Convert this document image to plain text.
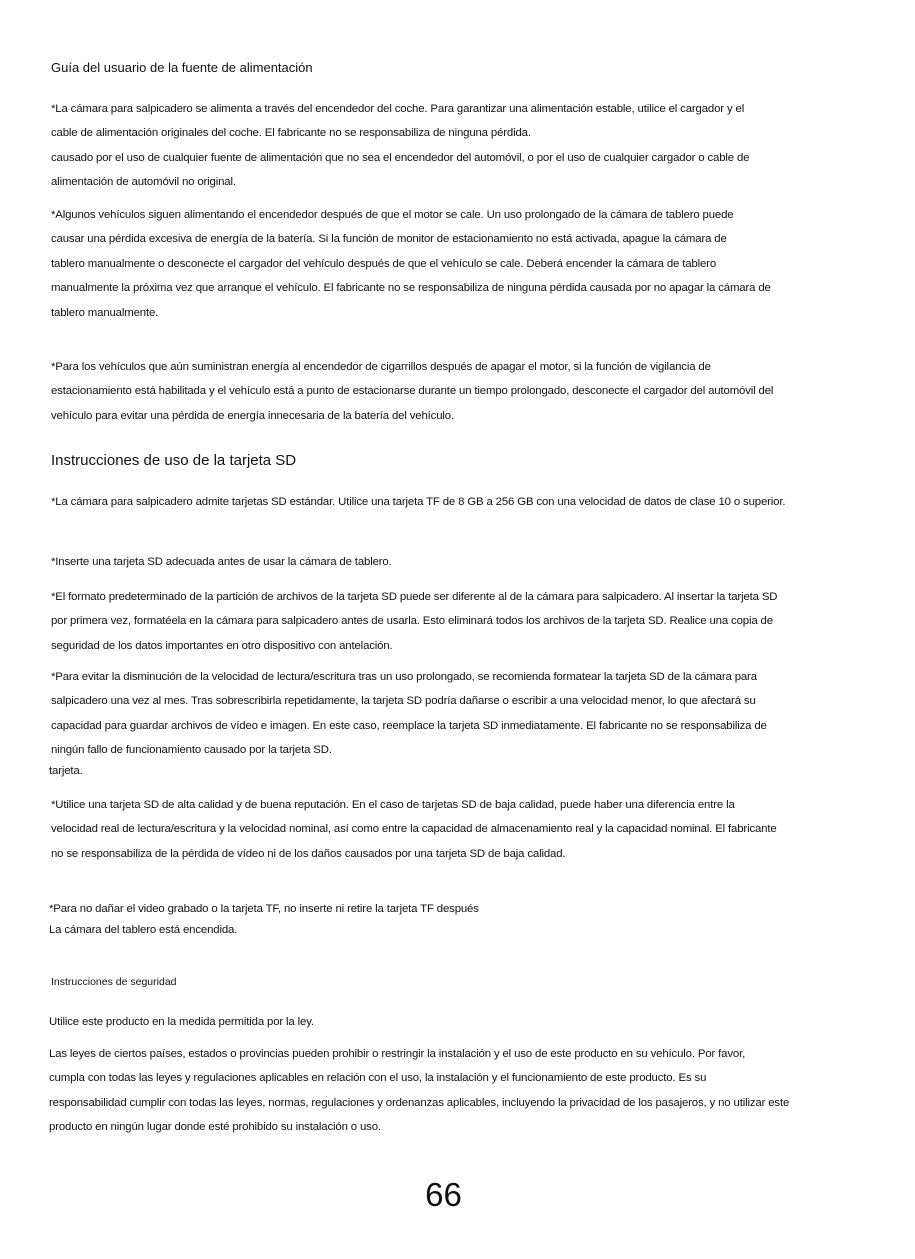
Guía del usuario de la fuente de alimentación

*La cámara para salpicadero se alimenta a través del encendedor del coche. Para garantizar una alimentación estable, utilice el cargador y el
cable de alimentación originales del coche. El fabricante no se responsabiliza de ninguna pérdida.
causado por el uso de cualquier fuente de alimentación que no sea el encendedor del automóvil, o por el uso de cualquier cargador o cable de
alimentación de automóvil no original.

*Algunos vehículos siguen alimentando el encendedor después de que el motor se cale. Un uso prolongado de la cámara de tablero puede
causar una pérdida excesiva de energía de la batería. Si la función de monitor de estacionamiento no está activada, apague la cámara de
tablero manualmente o desconecte el cargador del vehículo después de que el vehículo se cale. Deberá encender la cámara de tablero
manualmente la próxima vez que arranque el vehículo. El fabricante no se responsabiliza de ninguna pérdida causada por no apagar la cámara de
tablero manualmente.

*Para los vehículos que aún suministran energía al encendedor de cigarrillos después de apagar el motor, si la función de vigilancia de
estacionamiento está habilitada y el vehículo está a punto de estacionarse durante un tiempo prolongado, desconecte el cargador del automóvil del
vehículo para evitar una pérdida de energía innecesaria de la batería del vehículo.

Instrucciones de uso de la tarjeta SD

*La cámara para salpicadero admite tarjetas SD estándar. Utilice una tarjeta TF de 8 GB a 256 GB con una velocidad de datos de clase 10 o superior.

*Inserte una tarjeta SD adecuada antes de usar la cámara de tablero.

*El formato predeterminado de la partición de archivos de la tarjeta SD puede ser diferente al de la cámara para salpicadero. Al insertar la tarjeta SD
por primera vez, formatéela en la cámara para salpicadero antes de usarla. Esto eliminará todos los archivos de la tarjeta SD. Realice una copia de
seguridad de los datos importantes en otro dispositivo con antelación.

*Para evitar la disminución de la velocidad de lectura/escritura tras un uso prolongado, se recomienda formatear la tarjeta SD de la cámara para
salpicadero una vez al mes. Tras sobrescribirla repetidamente, la tarjeta SD podría dañarse o escribir a una velocidad menor, lo que afectará su
capacidad para guardar archivos de vídeo e imagen. En este caso, reemplace la tarjeta SD inmediatamente. El fabricante no se responsabiliza de
ningún fallo de funcionamiento causado por la tarjeta SD.

tarjeta.

*Utilice una tarjeta SD de alta calidad y de buena reputación. En el caso de tarjetas SD de baja calidad, puede haber una diferencia entre la
velocidad real de lectura/escritura y la velocidad nominal, así como entre la capacidad de almacenamiento real y la capacidad nominal. El fabricante
no se responsabiliza de la pérdida de vídeo ni de los daños causados por una tarjeta SD de baja calidad.

*Para no dañar el video grabado o la tarjeta TF, no inserte ni retire la tarjeta TF después

La cámara del tablero está encendida.

Instrucciones de seguridad

Utilice este producto en la medida permitida por la ley.

Las leyes de ciertos países, estados o provincias pueden prohibir o restringir la instalación y el uso de este producto en su vehículo. Por favor,
cumpla con todas las leyes y regulaciones aplicables en relación con el uso, la instalación y el funcionamiento de este producto. Es su
responsabilidad cumplir con todas las leyes, normas, regulaciones y ordenanzas aplicables, incluyendo la privacidad de los pasajeros, y no utilizar este
producto en ningún lugar donde esté prohibido su instalación o uso.

66
